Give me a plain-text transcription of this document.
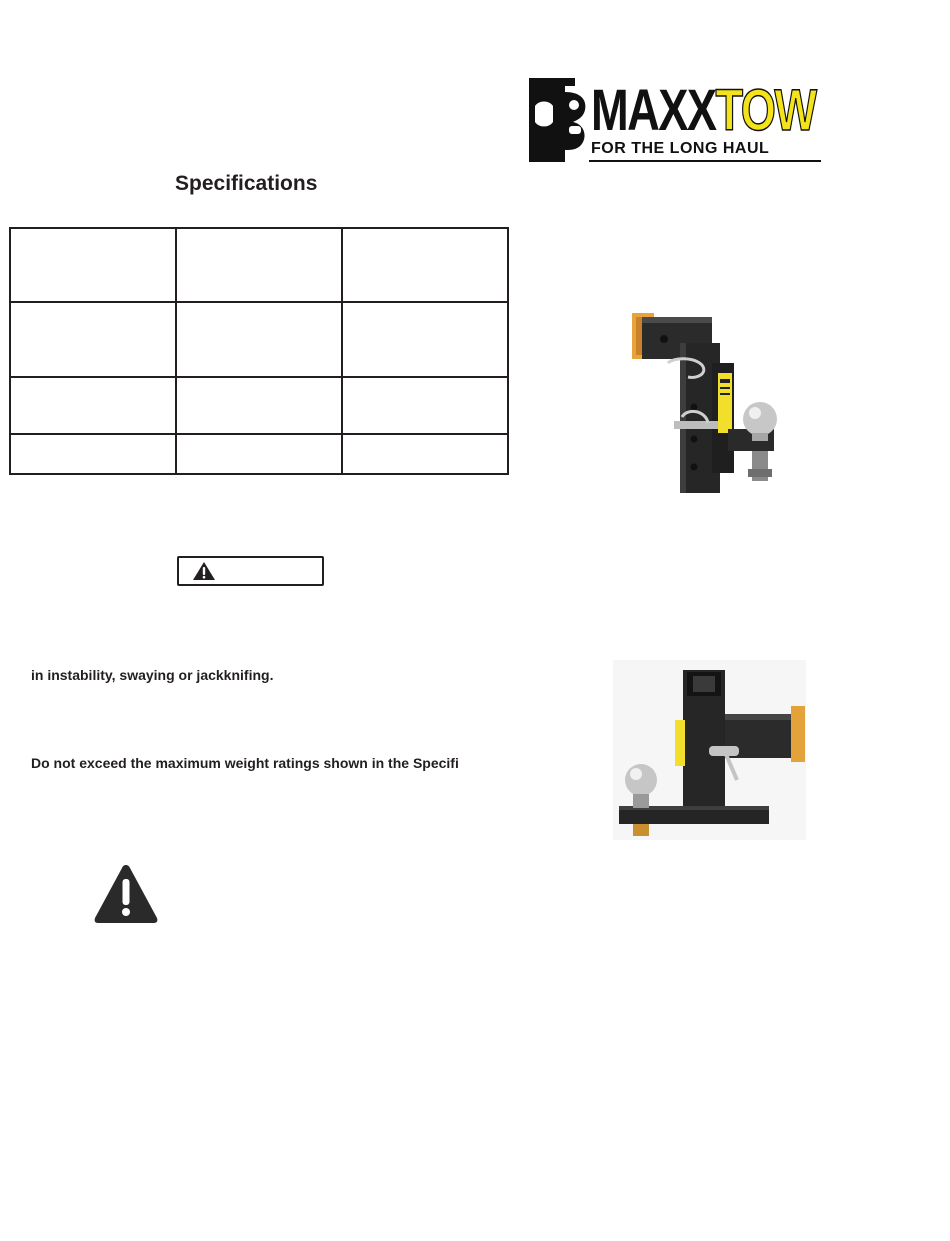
MAXXTOW
FOR THE LONG HAUL
Specifications

in instability, swaying or jackknifing.
Do not exceed the maximum weight ratings shown in the Specifi
